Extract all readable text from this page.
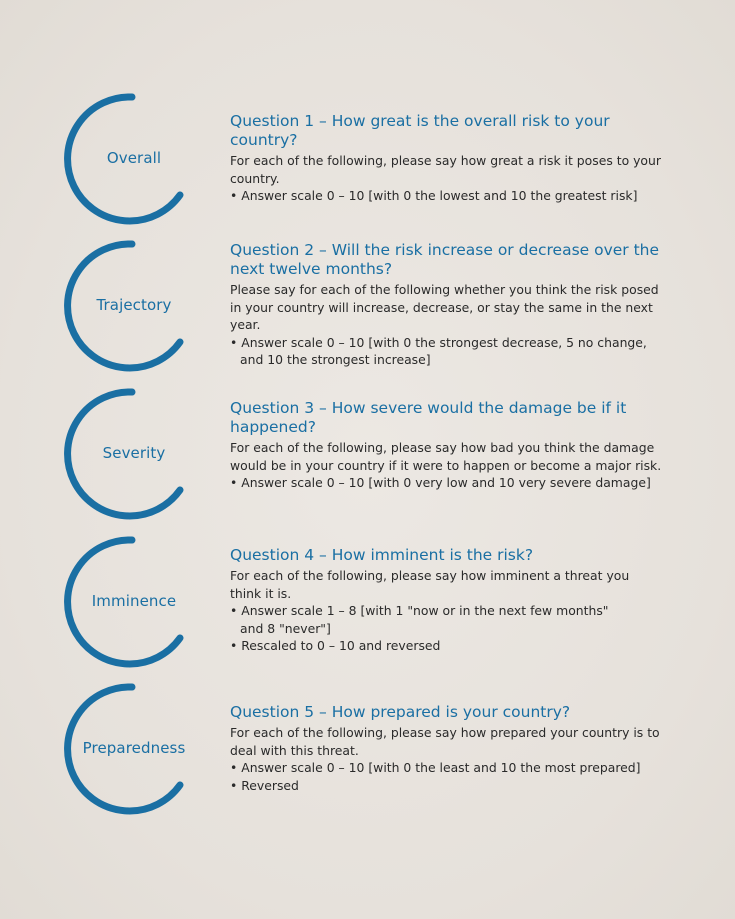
Overall
Question 1 – How great is the overall risk to your country?

For each of the following, please say how great a risk it poses to your country.

• Answer scale 0 – 10 [with 0 the lowest and 10 the greatest risk]
Trajectory
Question 2 – Will the risk increase or decrease over the next twelve months?

Please say for each of the following whether you think the risk posed in your country will increase, decrease, or stay the same in the next year.

• Answer scale 0 – 10 [with 0 the strongest decrease, 5 no change, and 10 the strongest increase]
Severity
Question 3 – How severe would the damage be if it happened?

For each of the following, please say how bad you think the damage would be in your country if it were to happen or become a major risk.

• Answer scale 0 – 10 [with 0 very low and 10 very severe damage]
Imminence
Question 4 – How imminent is the risk?

For each of the following, please say how imminent a threat you think it is.

• Answer scale 1 – 8 [with 1 "now or in the next few months" and 8 "never"]
• Rescaled to 0 – 10 and reversed
Preparedness
Question 5 – How prepared is your country?

For each of the following, please say how prepared your country is to deal with this threat.

• Answer scale 0 – 10 [with 0 the least and 10 the most prepared]
• Reversed
